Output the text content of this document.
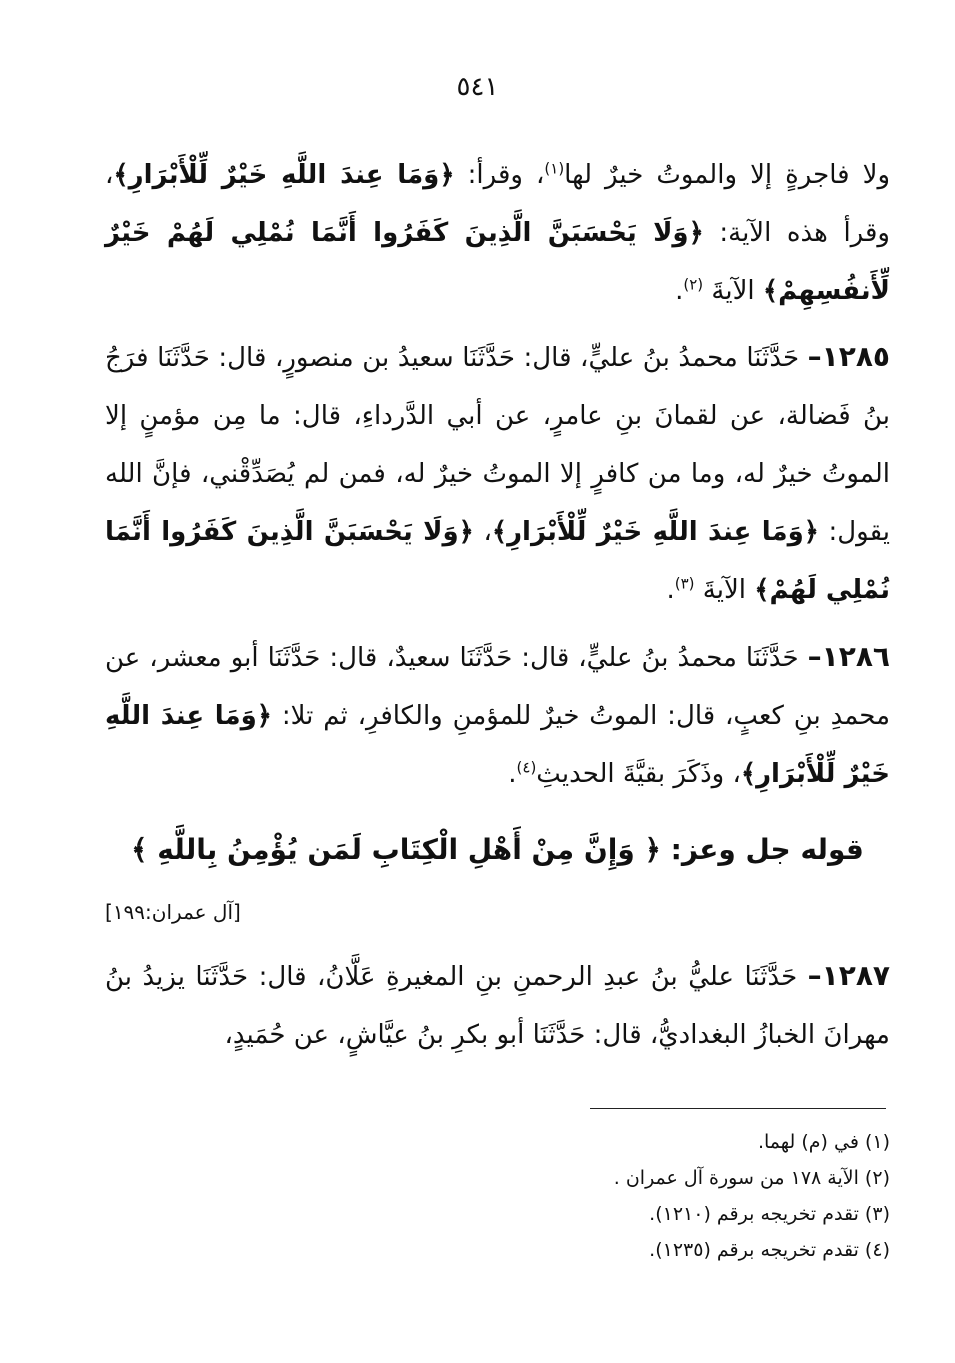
٥٤١

ولا فاجرةٍ إلا والموتُ خيرٌ لها$^{(١)}$، وقرأ: ﴿وَمَا عِندَ اللَّهِ خَيْرٌ لِّلْأَبْرَارِ﴾، وقرأ هذه الآية: ﴿وَلَا يَحْسَبَنَّ الَّذِينَ كَفَرُوا أَنَّمَا نُمْلِي لَهُمْ خَيْرٌ لِّأَنفُسِهِمْ﴾ الآيةَ $^{(٢)}$.

١٢٨٥– حَدَّثَنَا محمدُ بنُ عليٍّ، قال: حَدَّثَنَا سعيدُ بن منصورٍ، قال: حَدَّثَنَا فرَجُ بنُ فَضالة، عن لقمانَ بنِ عامرٍ، عن أبي الدَّرداءِ، قال: ما مِن مؤمنٍ إلا الموتُ خيرٌ له، وما من كافرٍ إلا الموتُ خيرٌ له، فمن لم يُصَدِّقْني، فإنَّ الله يقول: ﴿وَمَا عِندَ اللَّهِ خَيْرٌ لِّلْأَبْرَارِ﴾، ﴿وَلَا يَحْسَبَنَّ الَّذِينَ كَفَرُوا أَنَّمَا نُمْلِي لَهُمْ﴾ الآيةَ $^{(٣)}$.

١٢٨٦– حَدَّثَنَا محمدُ بنُ عليٍّ، قال: حَدَّثَنَا سعيدٌ، قال: حَدَّثَنَا أبو معشر، عن محمدِ بنِ كعبٍ، قال: الموتُ خيرٌ للمؤمنِ والكافرِ، ثم تلا: ﴿وَمَا عِندَ اللَّهِ خَيْرٌ لِّلْأَبْرَارِ﴾، وذَكَرَ بقيَّةَ الحديثِ$^{(٤)}$.

قوله جل وعز: ﴿ وَإِنَّ مِنْ أَهْلِ الْكِتَابِ لَمَن يُؤْمِنُ بِاللَّهِ ﴾
[آل عمران:١٩٩]

١٢٨٧– حَدَّثَنَا عليُّ بنُ عبدِ الرحمنِ بنِ المغيرةِ عَلَّانُ، قال: حَدَّثَنَا يزيدُ بنُ مهرانَ الخبازُ البغداديُّ، قال: حَدَّثَنَا أبو بكرِ بنُ عيَّاشٍ، عن حُمَيدٍ،

(١) في (م) لهما.
(٢) الآية ١٧٨ من سورة آل عمران .
(٣) تقدم تخريجه برقم (١٢١٠).
(٤) تقدم تخريجه برقم (١٢٣٥).
